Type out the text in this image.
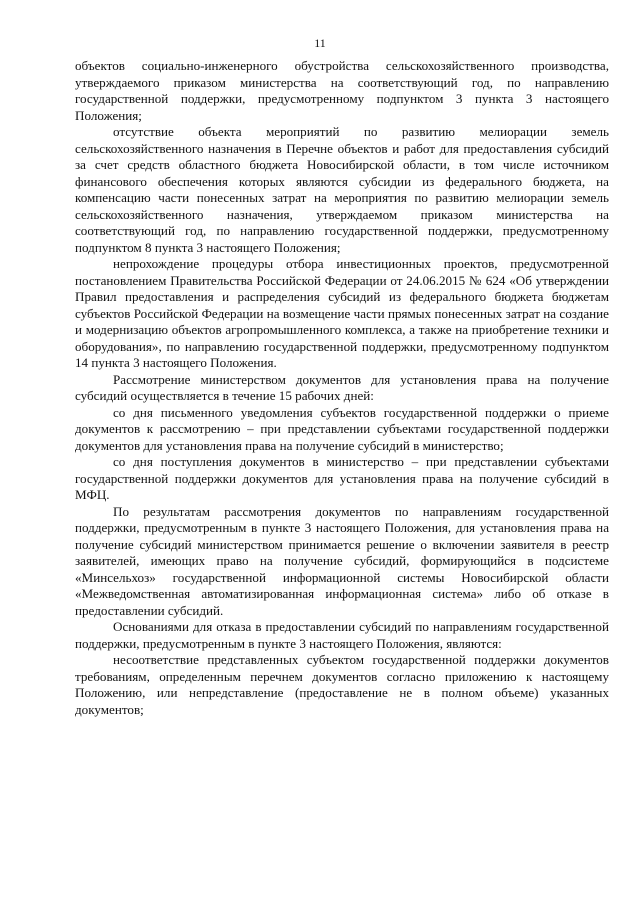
11

объектов социально-инженерного обустройства сельскохозяйственного производства, утверждаемого приказом министерства на соответствующий год, по направлению государственной поддержки, предусмотренному подпунктом 3 пункта 3 настоящего Положения;

отсутствие объекта мероприятий по развитию мелиорации земель сельскохозяйственного назначения в Перечне объектов и работ для предоставления субсидий за счет средств областного бюджета Новосибирской области, в том числе источником финансового обеспечения которых являются субсидии из федерального бюджета, на компенсацию части понесенных затрат на мероприятия по развитию мелиорации земель сельскохозяйственного назначения, утверждаемом приказом министерства на соответствующий год, по направлению государственной поддержки, предусмотренному подпунктом 8 пункта 3 настоящего Положения;

непрохождение процедуры отбора инвестиционных проектов, предусмотренной постановлением Правительства Российской Федерации от 24.06.2015 № 624 «Об утверждении Правил предоставления и распределения субсидий из федерального бюджета бюджетам субъектов Российской Федерации на возмещение части прямых понесенных затрат на создание и модернизацию объектов агропромышленного комплекса, а также на приобретение техники и оборудования», по направлению государственной поддержки, предусмотренному подпунктом 14 пункта 3 настоящего Положения.

Рассмотрение министерством документов для установления права на получение субсидий осуществляется в течение 15 рабочих дней:

со дня письменного уведомления субъектов государственной поддержки о приеме документов к рассмотрению – при представлении субъектами государственной поддержки документов для установления права на получение субсидий в министерство;

со дня поступления документов в министерство – при представлении субъектами государственной поддержки документов для установления права на получение субсидий в МФЦ.

По результатам рассмотрения документов по направлениям государственной поддержки, предусмотренным в пункте 3 настоящего Положения, для установления права на получение субсидий министерством принимается решение о включении заявителя в реестр заявителей, имеющих право на получение субсидий, формирующийся в подсистеме «Минсельхоз» государственной информационной системы Новосибирской области «Межведомственная автоматизированная информационная система» либо об отказе в предоставлении субсидий.

Основаниями для отказа в предоставлении субсидий по направлениям государственной поддержки, предусмотренным в пункте 3 настоящего Положения, являются:

несоответствие представленных субъектом государственной поддержки документов требованиям, определенным перечнем документов согласно приложению к настоящему Положению, или непредставление (предоставление не в полном объеме) указанных документов;
